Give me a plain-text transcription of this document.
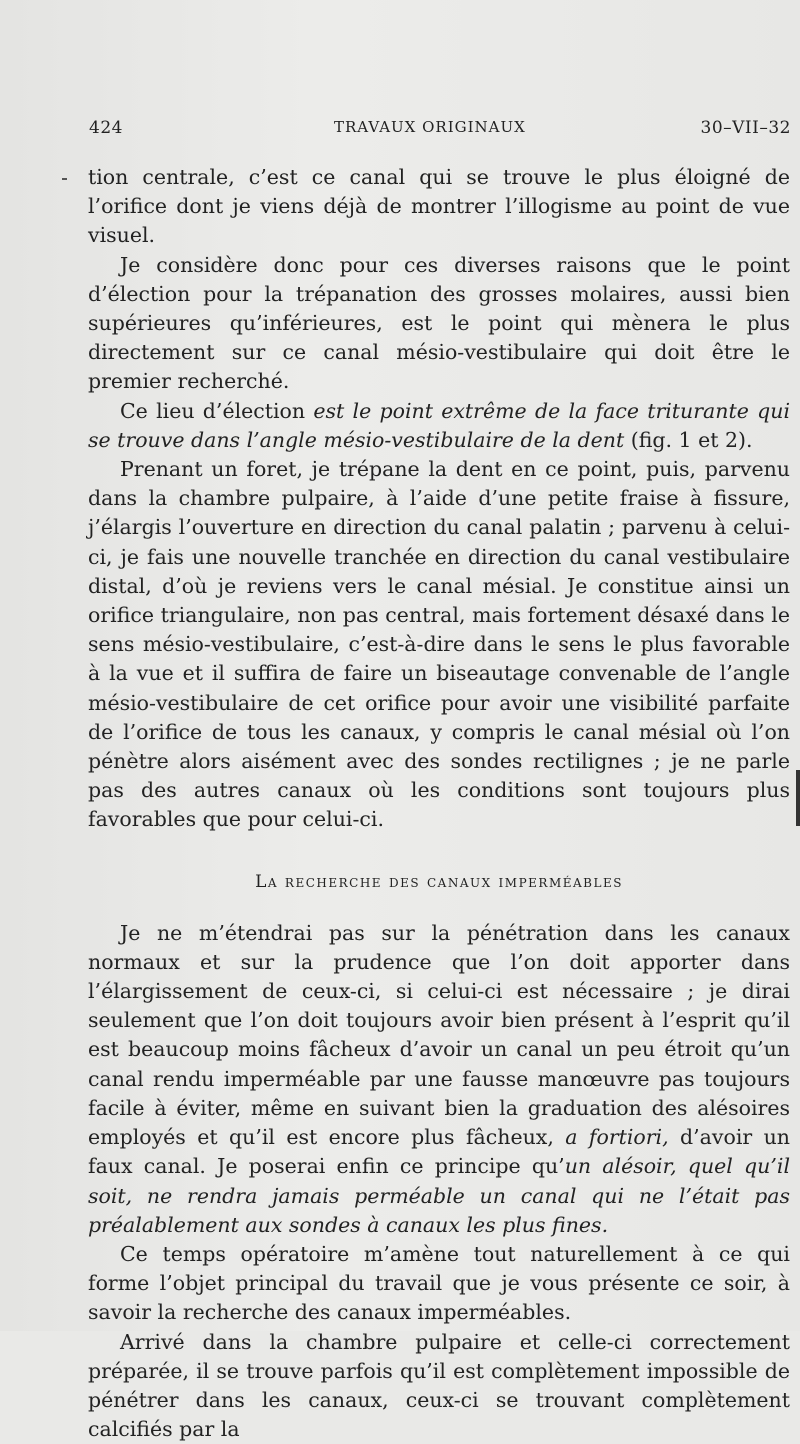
424	TRAVAUX ORIGINAUX	30–VII–32

tion centrale, c’est ce canal qui se trouve le plus éloigné de l’orifice dont je viens déjà de montrer l’illogisme au point de vue visuel.

Je considère donc pour ces diverses raisons que le point d’élection pour la trépanation des grosses molaires, aussi bien supérieures qu’inférieures, est le point qui mènera le plus directement sur ce canal mésio-vestibulaire qui doit être le premier recherché.

Ce lieu d’élection est le point extrême de la face triturante qui se trouve dans l’angle mésio-vestibulaire de la dent (fig. 1 et 2).

Prenant un foret, je trépane la dent en ce point, puis, parvenu dans la chambre pulpaire, à l’aide d’une petite fraise à fissure, j’élargis l’ouverture en direction du canal palatin ; parvenu à celui-ci, je fais une nouvelle tranchée en direction du canal vestibulaire distal, d’où je reviens vers le canal mésial. Je constitue ainsi un orifice triangulaire, non pas central, mais fortement désaxé dans le sens mésio-vestibulaire, c’est-à-dire dans le sens le plus favorable à la vue et il suffira de faire un biseautage convenable de l’angle mésio-vestibulaire de cet orifice pour avoir une visibilité parfaite de l’orifice de tous les canaux, y compris le canal mésial où l’on pénètre alors aisément avec des sondes rectilignes ; je ne parle pas des autres canaux où les conditions sont toujours plus favorables que pour celui-ci.

La recherche des canaux imperméables

Je ne m’étendrai pas sur la pénétration dans les canaux normaux et sur la prudence que l’on doit apporter dans l’élargissement de ceux-ci, si celui-ci est nécessaire ; je dirai seulement que l’on doit toujours avoir bien présent à l’esprit qu’il est beaucoup moins fâcheux d’avoir un canal un peu étroit qu’un canal rendu imperméable par une fausse manœuvre pas toujours facile à éviter, même en suivant bien la graduation des alésoires employés et qu’il est encore plus fâcheux, a fortiori, d’avoir un faux canal. Je poserai enfin ce principe qu’un alésoir, quel qu’il soit, ne rendra jamais perméable un canal qui ne l’était pas préalablement aux sondes à canaux les plus fines.

Ce temps opératoire m’amène tout naturellement à ce qui forme l’objet principal du travail que je vous présente ce soir, à savoir la recherche des canaux imperméables.

Arrivé dans la chambre pulpaire et celle-ci correctement préparée, il se trouve parfois qu’il est complètement impossible de pénétrer dans les canaux, ceux-ci se trouvant complètement calcifiés par la
